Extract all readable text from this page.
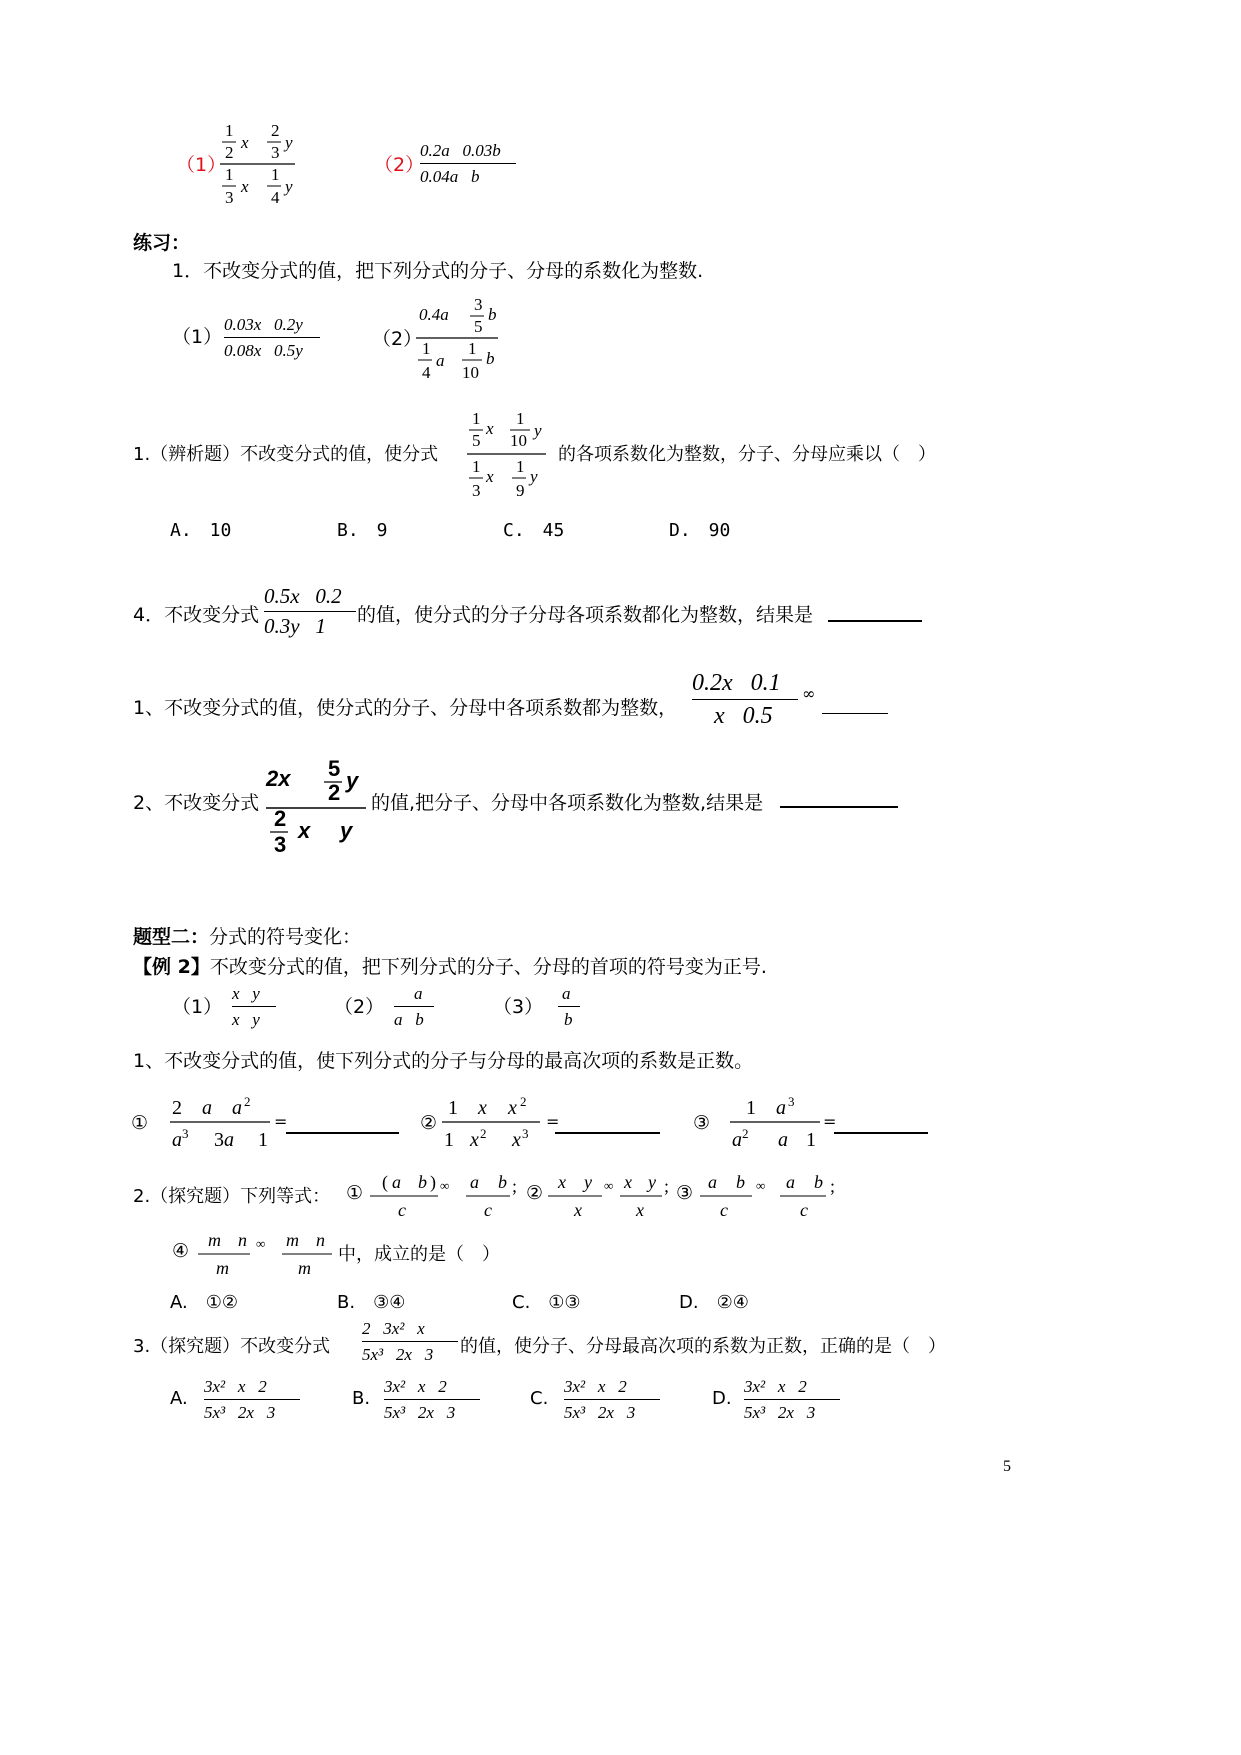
（1）
1
2
x
2
3
y
1
3
x
1
4
y
（2）
0.2a   0.03b
0.04a   b
练习：
1．不改变分式的值，把下列分式的分子、分母的系数化为整数.
（1）
0.03x   0.2y
0.08x   0.5y
（2）
0.4a
3
5
b
1
4
a
1
10
b
1.（辨析题）不改变分式的值，使分式
1
5
x
1
10
y
1
3
x
1
9
y
的各项系数化为整数，分子、分母应乘以（　）
A.　10	B.　9	C.　45	D.　90
4．不改变分式
0.5x   0.2
0.3y   1	的值，使分式的分子分母各项系数都化为整数，结果是
1、不改变分式的值，使分式的分子、分母中各项系数都为整数，
0.2x   0.1
x   0.5
∞
2、不改变分式
2x 5
2 y
2
3
x y
的值,把分子、分母中各项系数化为整数,结果是
题型二：分式的符号变化：
【例 2】不改变分式的值，把下列分式的分子、分母的首项的符号变为正号.
（1）
x   y
x   y
（2）
a
a   b
（3）
a
b
1、不改变分式的值，使下列分式的分子与分母的最高次项的系数是正数。
①
2 a a 2
a 3 3 a 1
=	②
1 x x 2
1 x 2 x 3
=	③
1 a 3
a 2 a 1
=
2.（探究题）下列等式： ① ( a b )
c
∞ a b
c
; ② x y
x
∞ x y
x
; ③ a b
c
∞ a b
c
;
④ m n
m
∞ m n
m
中，成立的是（　）
A.　①②	B.　③④	C.　①③	D.　②④
3.（探究题）不改变分式
2   3x²   x
5x³   2x   3	的值，使分子、分母最高次项的系数为正数，正确的是（　）
A.
3x²   x   2
5x³   2x   3
B.
3x²   x   2
5x³   2x   3
C.
3x²   x   2
5x³   2x   3
D.
3x²   x   2
5x³   2x   3
5
